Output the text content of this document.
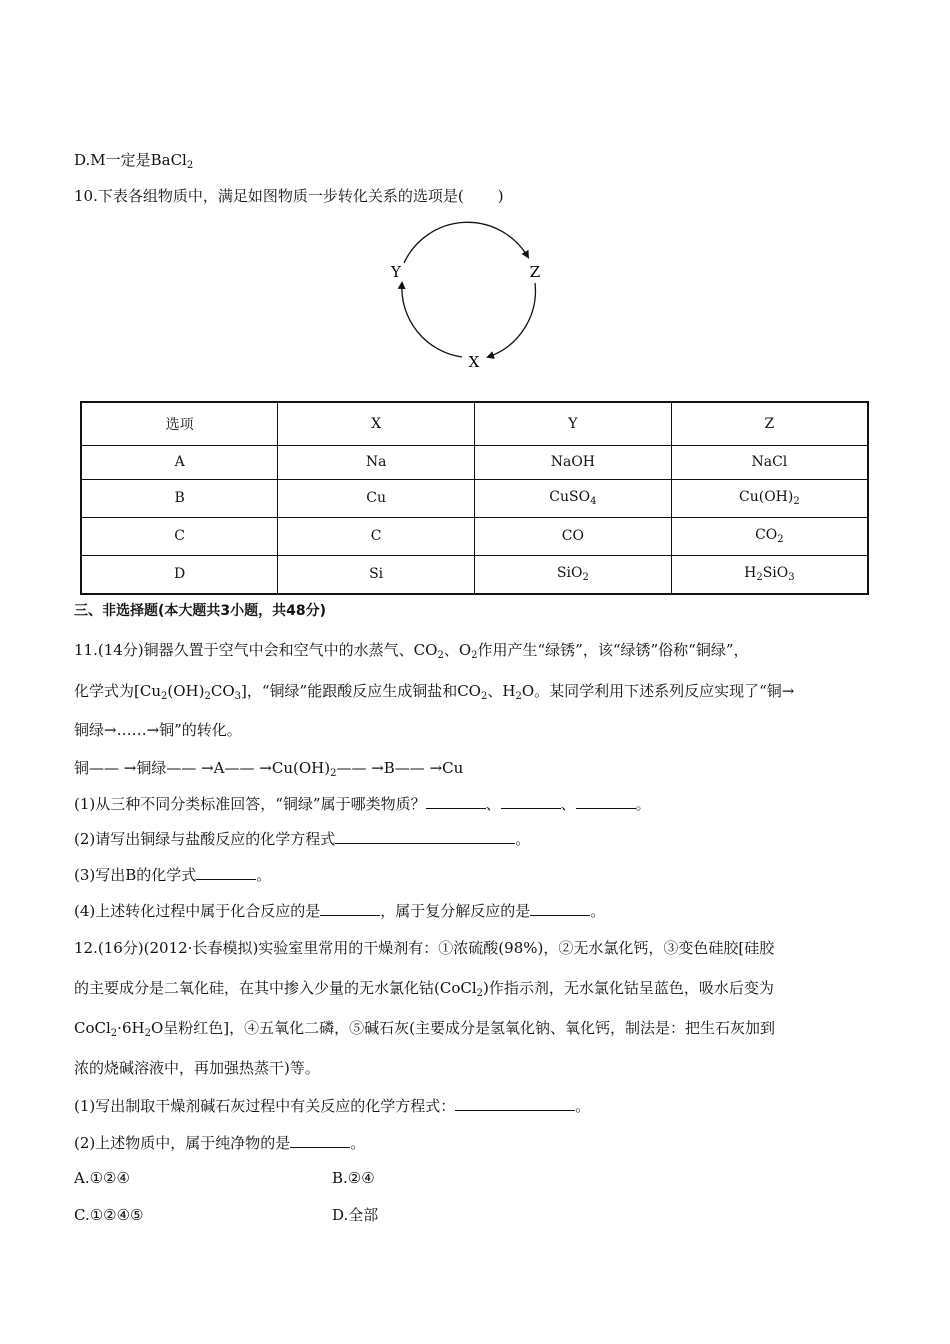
D.M一定是BaCl$_2$
10.下表各组物质中，满足如图物质一步转化关系的选项是( )
Y	Z
X
选项	X	Y	Z
A	Na	NaOH	NaCl
B	Cu	CuSO$_4$	$Cu(OH)_2$
C	C	CO	$CO_2$
D	Si	SiO$_2$	$H_2SiO_3$
三、非选择题(本大题共3小题，共48分)
11.(14分)铜器久置于空气中会和空气中的水蒸气、$CO_2$、$O_2$作用产生“绿锈”，该“绿锈”俗称“铜绿”，
化学式为$[Cu_2(OH)_2CO_3]$，“铜绿”能跟酸反应生成铜盐和$CO_2$、$H_2O$。某同学利用下述系列反应实现了“铜→
铜绿→……→铜”的转化。
铜—— →铜绿—— →A—— $\to Cu(OH)_2——$ →B—— →Cu
(1)从三种不同分类标准回答，“铜绿”属于哪类物质？	、	、	。
(2)请写出铜绿与盐酸反应的化学方程式	。
(3)写出B的化学式	。
(4)上述转化过程中属于化合反应的是	，属于复分解反应的是	。
12.(16分)(2012·长春模拟)实验室里常用的干燥剂有：①浓硫酸(98%)，②无水氯化钙，③变色硅胶[硅胶
的主要成分是二氧化硅，在其中掺入少量的无水氯化钴(CoCl$_2$)作指示剂，无水氯化钴呈蓝色，吸水后变为
$CoCl_2\cdot 6H_2O$呈粉红色]，④五氧化二磷，⑤碱石灰(主要成分是氢氧化钠、氧化钙，制法是：把生石灰加到
浓的烧碱溶液中，再加强热蒸干)等。
(1)写出制取干燥剂碱石灰过程中有关反应的化学方程式：	。
(2)上述物质中，属于纯净物的是	。
A.①②④	B.②④
C.①②④⑤	D.全部
